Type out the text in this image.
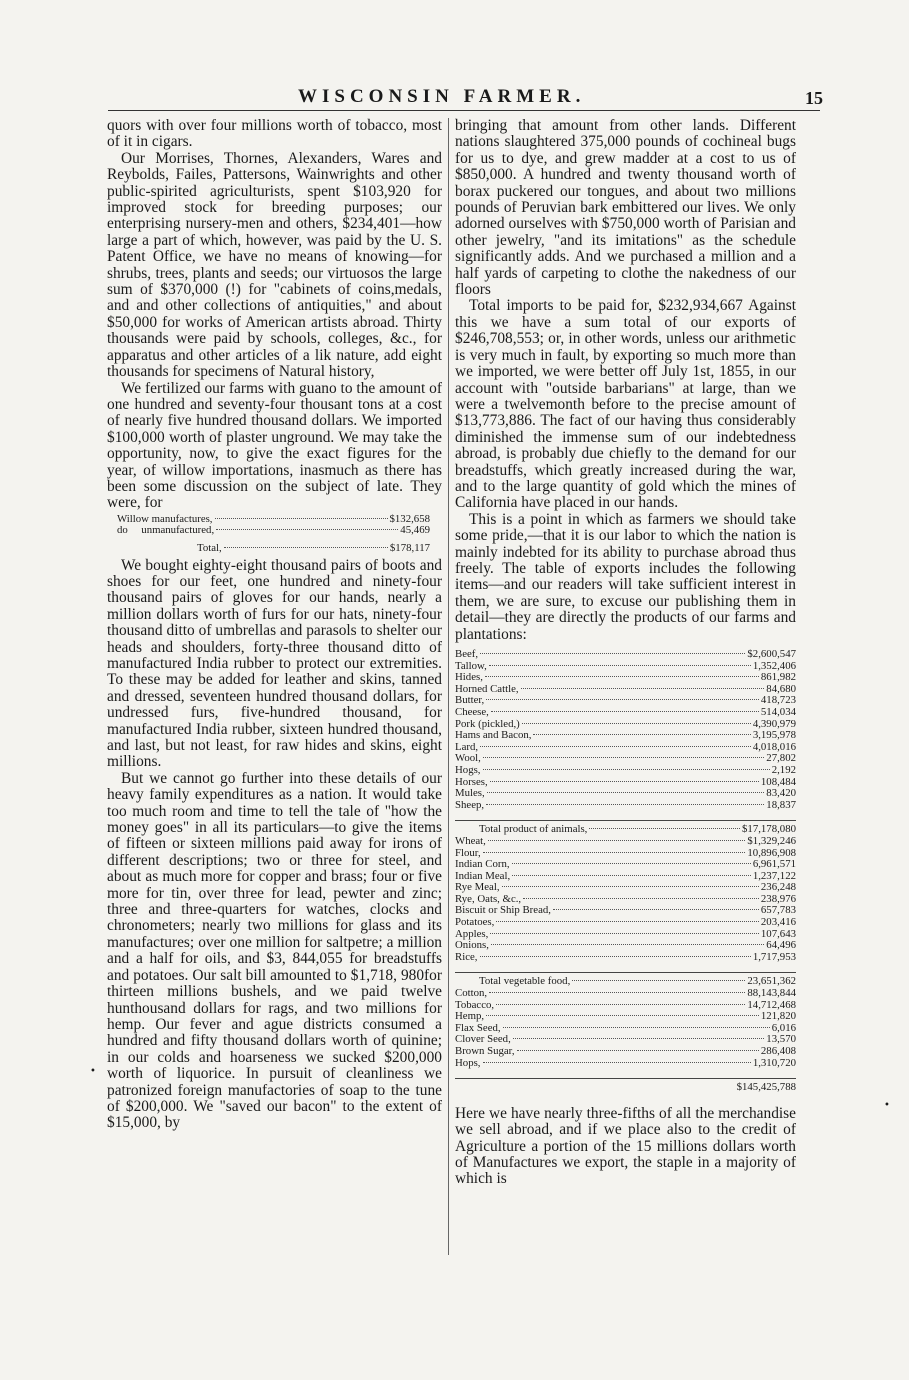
WISCONSIN FARMER.	15

quors with over four millions worth of tobacco, most of it in cigars.

Our Morrises, Thornes, Alexanders, Wares and Reybolds, Failes, Pattersons, Wainwrights and other public-spirited agriculturists, spent $103,920 for improved stock for breeding purposes; our enterprising nursery-men and others, $234,401—how large a part of which, however, was paid by the U. S. Patent Office, we have no means of knowing—for shrubs, trees, plants and seeds; our virtuosos the large sum of $370,000 (!) for "cabinets of coins,medals, and and other collections of antiquities," and about $50,000 for works of American artists abroad. Thirty thousands were paid by schools, colleges, &c., for apparatus and other articles of a lik nature, add eight thousands for specimens of Natural history,

We fertilized our farms with guano to the amount of one hundred and seventy-four thousant tons at a cost of nearly five hundred thousand dollars. We imported $100,000 worth of plaster unground. We may take the opportunity, now, to give the exact figures for the year, of willow importations, inasmuch as there has been some discussion on the subject of late. They were, for

Willow manufactures,	$132,658
do     unmanufactured,	45,469
Total,	$178,117

We bought eighty-eight thousand pairs of boots and shoes for our feet, one hundred and ninety-four thousand pairs of gloves for our hands, nearly a million dollars worth of furs for our hats, ninety-four thousand ditto of umbrellas and parasols to shelter our heads and shoulders, forty-three thousand ditto of manufactured India rubber to protect our extremities. To these may be added for leather and skins, tanned and dressed, seventeen hundred thousand dollars, for undressed furs, five-hundred thousand, for manufactured India rubber, sixteen hundred thousand, and last, but not least, for raw hides and skins, eight millions.

But we cannot go further into these details of our heavy family expenditures as a nation. It would take too much room and time to tell the tale of "how the money goes" in all its particulars—to give the items of fifteen or sixteen millions paid away for irons of different descriptions; two or three for steel, and about as much more for copper and brass; four or five more for tin, over three for lead, pewter and zinc; three and three-quarters for watches, clocks and chronometers; nearly two millions for glass and its manufactures; over one million for saltpetre; a million and a half for oils, and $3, 844,055 for breadstuffs and potatoes. Our salt bill amounted to $1,718, 980for thirteen millions bushels, and we paid twelve hunthousand dollars for rags, and two millions for hemp. Our fever and ague districts consumed a hundred and fifty thousand dollars worth of quinine; in our colds and hoarseness we sucked $200,000 worth of liquorice. In pursuit of cleanliness we patronized foreign manufactories of soap to the tune of $200,000. We "saved our bacon" to the extent of $15,000, by

bringing that amount from other lands. Different nations slaughtered 375,000 pounds of cochineal bugs for us to dye, and grew madder at a cost to us of $850,000. A hundred and twenty thousand worth of borax puckered our tongues, and about two millions pounds of Peruvian bark embittered our lives. We only adorned ourselves with $750,000 worth of Parisian and other jewelry, "and its imitations" as the schedule significantly adds. And we purchased a million and a half yards of carpeting to clothe the nakedness of our floors

Total imports to be paid for, $232,934,667 Against this we have a sum total of our exports of $246,708,553; or, in other words, unless our arithmetic is very much in fault, by exporting so much more than we imported, we were better off July 1st, 1855, in our account with "outside barbarians" at large, than we were a twelvemonth before to the precise amount of $13,773,886. The fact of our having thus considerably diminished the immense sum of our indebtedness abroad, is probably due chiefly to the demand for our breadstuffs, which greatly increased during the war, and to the large quantity of gold which the mines of California have placed in our hands.

This is a point in which as farmers we should take some pride,—that it is our labor to which the nation is mainly indebted for its ability to purchase abroad thus freely. The table of exports includes the following items—and our readers will take sufficient interest in them, we are sure, to excuse our publishing them in detail—they are directly the products of our farms and plantations:

Beef,	$2,600,547
Tallow,	1,352,406
Hides,	861,982
Horned Cattle,	84,680
Butter,	418,723
Cheese,	514,034
Pork (pickled,)	4,390,979
Hams and Bacon,	3,195,978
Lard,	4,018,016
Wool,	27,802
Hogs,	2,192
Horses,	108,484
Mules,	83,420
Sheep,	18,837
Total product of animals,	$17,178,080
Wheat,	$1,329,246
Flour,	10,896,908
Indian Corn,	6,961,571
Indian Meal,	1,237,122
Rye Meal,	236,248
Rye, Oats, &c.,	238,976
Biscuit or Ship Bread,	657,783
Potatoes,	203,416
Apples,	107,643
Onions,	64,496
Rice,	1,717,953
Total vegetable food,	23,651,362
Cotton,	88,143,844
Tobacco,	14,712,468
Hemp,	121,820
Flax Seed,	6,016
Clover Seed,	13,570
Brown Sugar,	286,408
Hops,	1,310,720
$145,425,788

Here we have nearly three-fifths of all the merchandise we sell abroad, and if we place also to the credit of Agriculture a portion of the 15 millions dollars worth of Manufactures we export, the staple in a majority of which is

•
•
